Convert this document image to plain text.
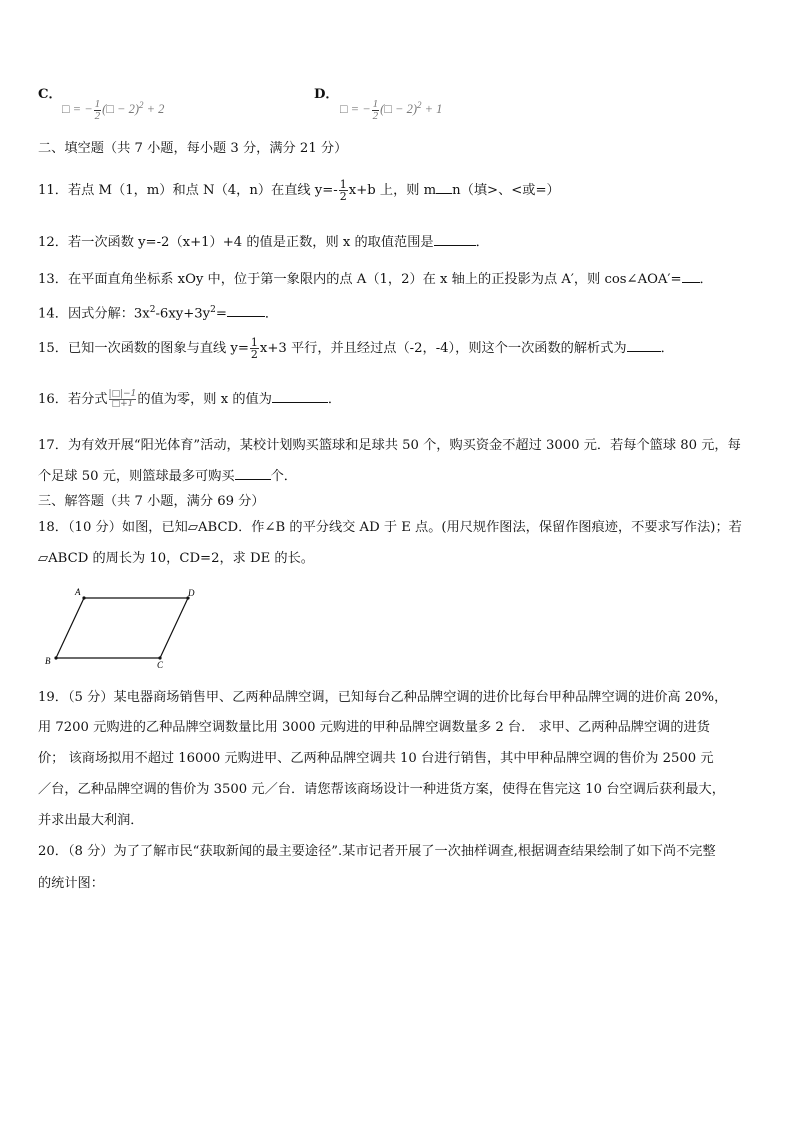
C．
□ = − $\frac{1}{2}$ (□ − 2)$^2$ + 2
D．
□ = − $\frac{1}{2}$ (□ − 2)$^2$ + 1
二、填空题（共 7 小题，每小题 3 分，满分 21 分）
11．若点 M（1，m）和点 N（4，n）在直线 $y=- \frac{1}{2} x+b$ 上，则 m n（填>、<或=）
12．若一次函数 y=-2（x+1）+4 的值是正数，则 x 的取值范围是	．
13．在平面直角坐标系 xOy 中，位于第一象限内的点 A（1，2）在 x 轴上的正投影为点 A′，则 cos∠AOA′= ．
14．因式分解：$3x^2-6xy+3y^2=$	．
15．已知一次函数的图象与直线 $y= \frac{1}{2} x+3$ 平行，并且经过点（-2，-4），则这个一次函数的解析式为	．
16．若分式 $\frac{|□|-1}{□+1}$ 的值为零，则 x 的值为	．
17．为有效开展“阳光体育”活动，某校计划购买篮球和足球共 50 个，购买资金不超过 3000 元．若每个篮球 80 元，每
个足球 50 元，则篮球最多可购买	个．
三、解答题（共 7 小题，满分 69 分）
18．（10 分）如图，已知▱ABCD．作∠B 的平分线交 AD 于 E 点。(用尺规作图法，保留作图痕迹，不要求写作法)；若
▱ABCD 的周长为 10，CD=2，求 DE 的长。
A	D
B	C
19．（5 分）某电器商场销售甲、乙两种品牌空调，已知每台乙种品牌空调的进价比每台甲种品牌空调的进价高 20%，
用 7200 元购进的乙种品牌空调数量比用 3000 元购进的甲种品牌空调数量多 2 台． 求甲、乙两种品牌空调的进货
价； 该商场拟用不超过 16000 元购进甲、乙两种品牌空调共 10 台进行销售，其中甲种品牌空调的售价为 2500 元
／台，乙种品牌空调的售价为 3500 元／台．请您帮该商场设计一种进货方案，使得在售完这 10 台空调后获利最大，
并求出最大利润．
20．（8 分）为了了解市民“获取新闻的最主要途径”.某市记者开展了一次抽样调查,根据调查结果绘制了如下尚不完整
的统计图：
